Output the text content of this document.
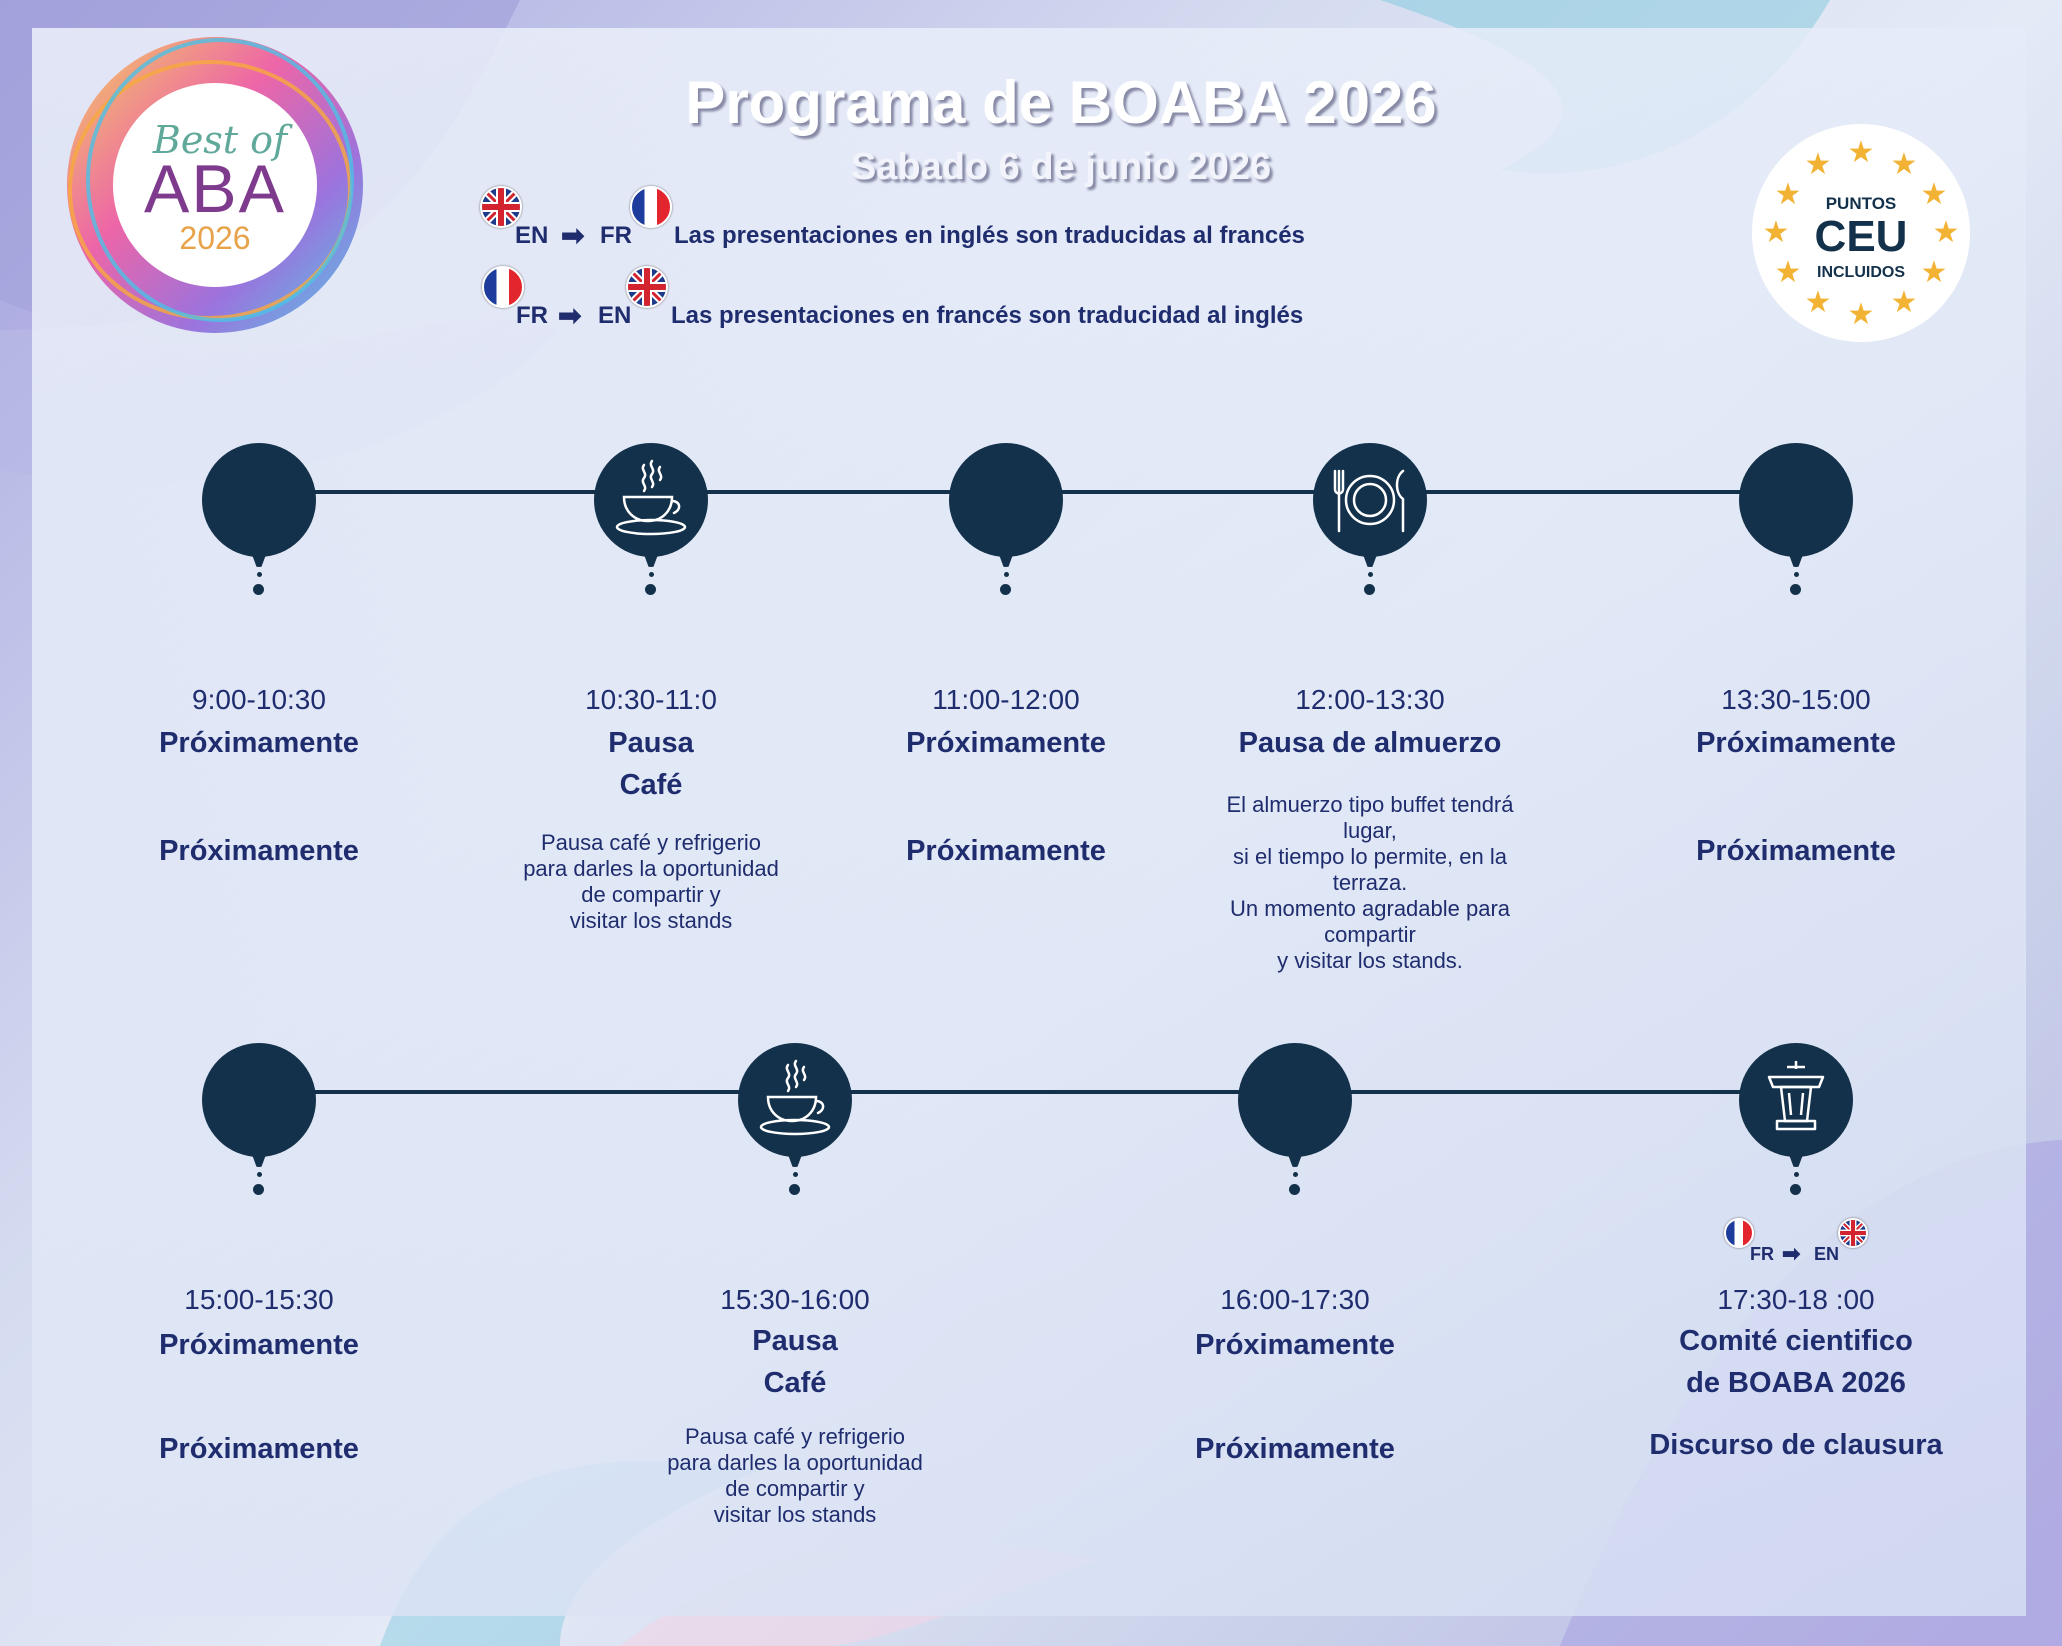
Best of
ABA
2026
Programa de BOABA 2026
Sabado 6 de junio 2026
EN ➡ FR Las presentaciones en inglés son traducidas al francés
FR ➡ EN Las presentaciones en francés son traducidad al inglés
★ ★
★
★
★
★
★
★
★
★
★
★
PUNTOS
CEU
INCLUIDOS
9:00-10:30
Próximamente
Próximamente
10:30-11:0
Pausa
Café
Pausa café y refrigerio
para darles la oportunidad
de compartir y
visitar los stands
11:00-12:00
Próximamente
Próximamente
12:00-13:30
Pausa de almuerzo
El almuerzo tipo buffet tendrá
lugar,
si el tiempo lo permite, en la
terraza.
Un momento agradable para
compartir
y visitar los stands.
13:30-15:00
Próximamente
Próximamente
FR ➡ EN
15:00-15:30
Próximamente
Próximamente
15:30-16:00
Pausa
Café
Pausa café y refrigerio
para darles la oportunidad
de compartir y
visitar los stands
16:00-17:30
Próximamente
Próximamente
17:30-18 :00
Comité cientifico
de BOABA 2026
Discurso de clausura
